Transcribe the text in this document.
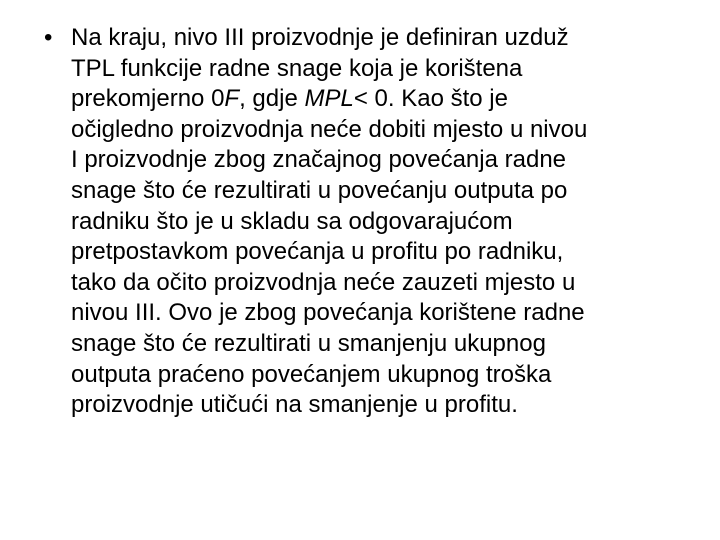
• Na kraju, nivo III proizvodnje je definiran uzduž
TPL funkcije radne snage koja je korištena
prekomjerno 0F, gdje MPL< 0. Kao što je
očigledno proizvodnja neće dobiti mjesto u nivou
I proizvodnje zbog značajnog povećanja radne
snage što će rezultirati u povećanju outputa po
radniku što je u skladu sa odgovarajućom
pretpostavkom povećanja u profitu po radniku,
tako da očito proizvodnja neće zauzeti mjesto u
nivou III. Ovo je zbog povećanja korištene radne
snage što će rezultirati u smanjenju ukupnog
outputa praćeno povećanjem ukupnog troška
proizvodnje utičući na smanjenje u profitu.
